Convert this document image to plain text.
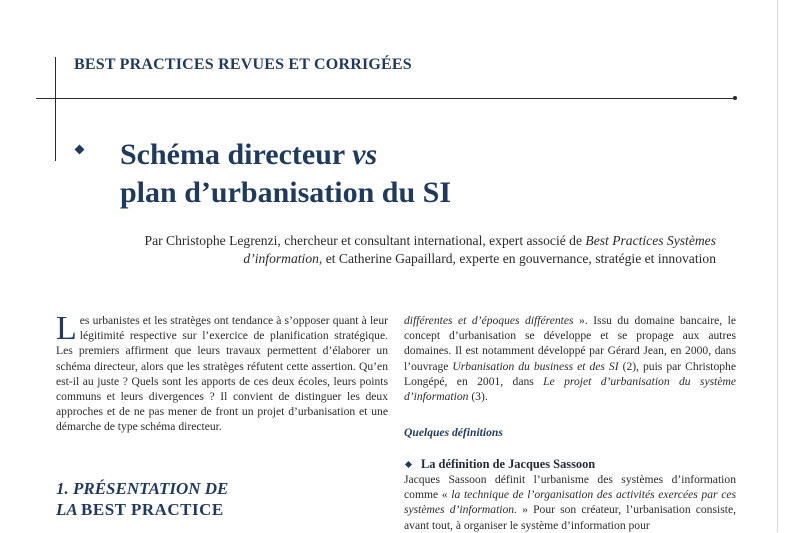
BEST PRACTICES REVUES ET CORRIGÉES
Schéma directeur vs
plan d’urbanisation du SI
Par Christophe Legrenzi, chercheur et consultant international, expert associé de Best Practices Systèmes d’information, et Catherine Gapaillard, experte en gouvernance, stratégie et innovation
Les urbanistes et les stratèges ont tendance à s’opposer quant à leur légitimité respective sur l’exercice de planification stratégique. Les premiers affirment que leurs travaux permettent d’élaborer un schéma directeur, alors que les stratèges réfutent cette assertion. Qu’en est-il au juste ? Quels sont les apports de ces deux écoles, leurs points communs et leurs divergences ? Il convient de distinguer les deux approches et de ne pas mener de front un projet d’urbanisation et une démarche de type schéma directeur.
1. PRÉSENTATION DE
LA BEST PRACTICE
différentes et d’époques différentes ». Issu du domaine bancaire, le concept d’urbanisation se développe et se propage aux autres domaines. Il est notamment développé par Gérard Jean, en 2000, dans l’ouvrage Urbanisation du business et des SI (2), puis par Christophe Longépé, en 2001, dans Le projet d’urbanisation du système d’information (3).
Quelques définitions
La définition de Jacques Sassoon
Jacques Sassoon définit l’urbanisme des systèmes d’information comme « la technique de l’organisation des activités exercées par ces systèmes d’information. » Pour son créateur, l’urbanisation consiste, avant tout, à organiser le système d’information pour
